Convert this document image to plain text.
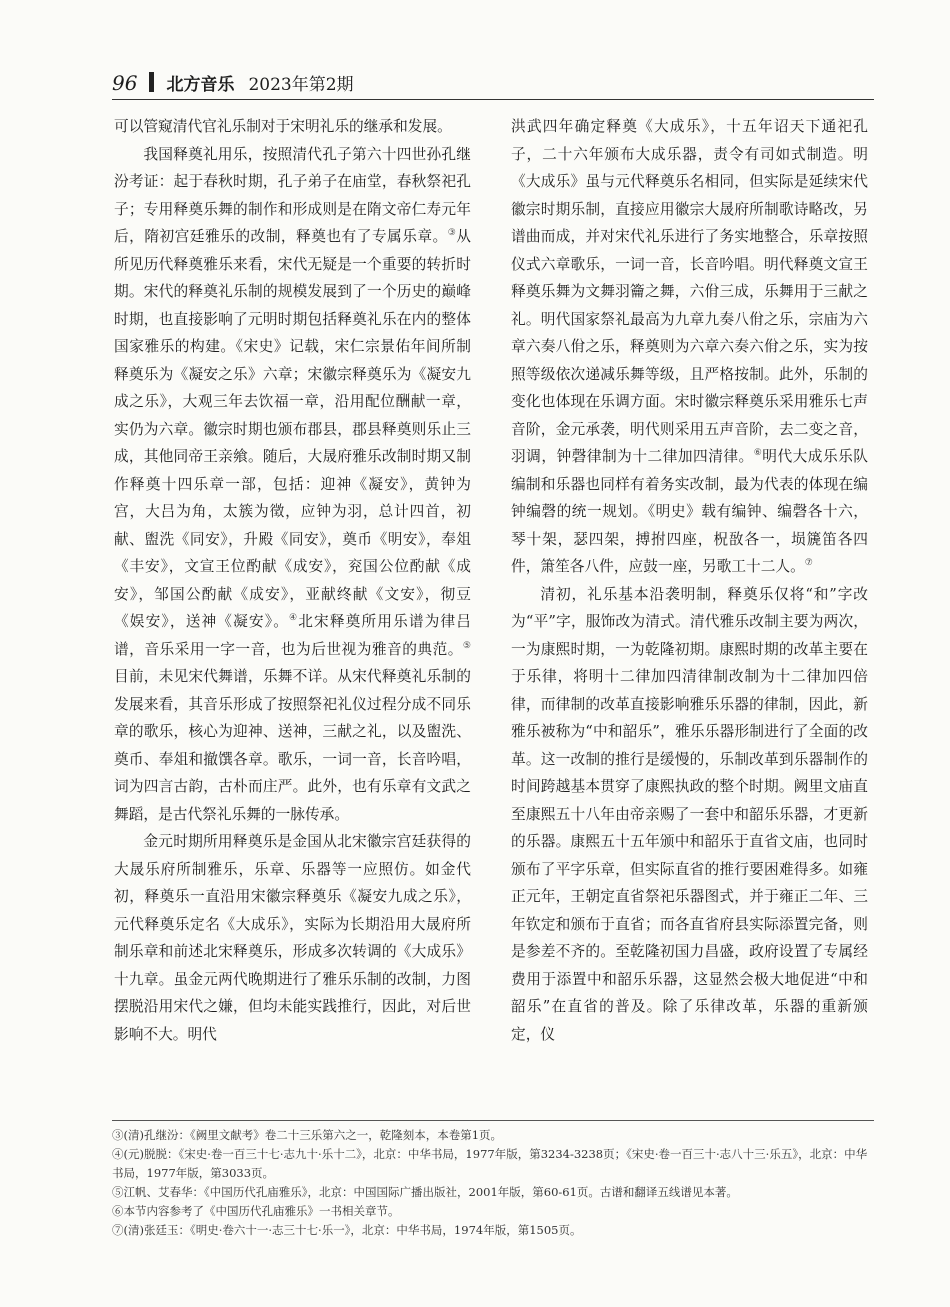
96 北方音乐 2023年第2期

可以管窥清代官礼乐制对于宋明礼乐的继承和发展。

我国释奠礼用乐，按照清代孔子第六十四世孙孔继汾考证：起于春秋时期，孔子弟子在庙堂，春秋祭祀孔子；专用释奠乐舞的制作和形成则是在隋文帝仁寿元年后，隋初宫廷雅乐的改制，释奠也有了专属乐章。③从所见历代释奠雅乐来看，宋代无疑是一个重要的转折时期。宋代的释奠礼乐制的规模发展到了一个历史的巅峰时期，也直接影响了元明时期包括释奠礼乐在内的整体国家雅乐的构建。《宋史》记载，宋仁宗景佑年间所制释奠乐为《凝安之乐》六章；宋徽宗释奠乐为《凝安九成之乐》，大观三年去饮福一章，沿用配位酬献一章，实仍为六章。徽宗时期也颁布郡县，郡县释奠则乐止三成，其他同帝王亲飨。随后，大晟府雅乐改制时期又制作释奠十四乐章一部，包括：迎神《凝安》，黄钟为宫，大吕为角，太簇为徵，应钟为羽，总计四首，初献、盥洗《同安》，升殿《同安》，奠币《明安》，奉俎《丰安》，文宣王位酌献《成安》，兖国公位酌献《成安》，邹国公酌献《成安》，亚献终献《文安》，彻豆《娱安》，送神《凝安》。④北宋释奠所用乐谱为律吕谱，音乐采用一字一音，也为后世视为雅音的典范。⑤目前，未见宋代舞谱，乐舞不详。从宋代释奠礼乐制的发展来看，其音乐形成了按照祭祀礼仪过程分成不同乐章的歌乐，核心为迎神、送神，三献之礼，以及盥洗、奠币、奉俎和撤馔各章。歌乐，一词一音，长音吟唱，词为四言古韵，古朴而庄严。此外，也有乐章有文武之舞蹈，是古代祭礼乐舞的一脉传承。

金元时期所用释奠乐是金国从北宋徽宗宫廷获得的大晟乐府所制雅乐，乐章、乐器等一应照仿。如金代初，释奠乐一直沿用宋徽宗释奠乐《凝安九成之乐》，元代释奠乐定名《大成乐》，实际为长期沿用大晟府所制乐章和前述北宋释奠乐，形成多次转调的《大成乐》十九章。虽金元两代晚期进行了雅乐乐制的改制，力图摆脱沿用宋代之嫌，但均未能实践推行，因此，对后世影响不大。明代

洪武四年确定释奠《大成乐》，十五年诏天下通祀孔子，二十六年颁布大成乐器，责令有司如式制造。明《大成乐》虽与元代释奠乐名相同，但实际是延续宋代徽宗时期乐制，直接应用徽宗大晟府所制歌诗略改，另谱曲而成，并对宋代礼乐进行了务实地整合，乐章按照仪式六章歌乐，一词一音，长音吟唱。明代释奠文宣王释奠乐舞为文舞羽籥之舞，六佾三成，乐舞用于三献之礼。明代国家祭礼最高为九章九奏八佾之乐，宗庙为六章六奏八佾之乐，释奠则为六章六奏六佾之乐，实为按照等级依次递减乐舞等级，且严格按制。此外，乐制的变化也体现在乐调方面。宋时徽宗释奠乐采用雅乐七声音阶，金元承袭，明代则采用五声音阶，去二变之音，羽调，钟磬律制为十二律加四清律。⑥明代大成乐乐队编制和乐器也同样有着务实改制，最为代表的体现在编钟编磬的统一规划。《明史》载有编钟、编磬各十六，琴十架，瑟四架，搏拊四座，柷敔各一，埙篪笛各四件，箫笙各八件，应鼓一座，另歌工十二人。⑦

清初，礼乐基本沿袭明制，释奠乐仅将“和”字改为“平”字，服饰改为清式。清代雅乐改制主要为两次，一为康熙时期，一为乾隆初期。康熙时期的改革主要在于乐律，将明十二律加四清律制改制为十二律加四倍律，而律制的改革直接影响雅乐乐器的律制，因此，新雅乐被称为“中和韶乐”，雅乐乐器形制进行了全面的改革。这一改制的推行是缓慢的，乐制改革到乐器制作的时间跨越基本贯穿了康熙执政的整个时期。阙里文庙直至康熙五十八年由帝亲赐了一套中和韶乐乐器，才更新的乐器。康熙五十五年颁中和韶乐于直省文庙，也同时颁布了平字乐章，但实际直省的推行要困难得多。如雍正元年，王朝定直省祭祀乐器图式，并于雍正二年、三年钦定和颁布于直省；而各直省府县实际添置完备，则是参差不齐的。至乾隆初国力昌盛，政府设置了专属经费用于添置中和韶乐乐器，这显然会极大地促进“中和韶乐”在直省的普及。除了乐律改革，乐器的重新颁定，仪

③(清)孔继汾：《阙里文献考》卷二十三乐第六之一，乾隆刻本，本卷第1页。
④(元)脱脱：《宋史·卷一百三十七·志九十·乐十二》，北京：中华书局，1977年版，第3234-3238页；《宋史·卷一百三十·志八十三·乐五》，北京：中华书局，1977年版，第3033页。
⑤江帆、艾春华：《中国历代孔庙雅乐》，北京：中国国际广播出版社，2001年版，第60-61页。古谱和翻译五线谱见本著。
⑥本节内容参考了《中国历代孔庙雅乐》一书相关章节。
⑦(清)张廷玉：《明史·卷六十一·志三十七·乐一》，北京：中华书局，1974年版，第1505页。
